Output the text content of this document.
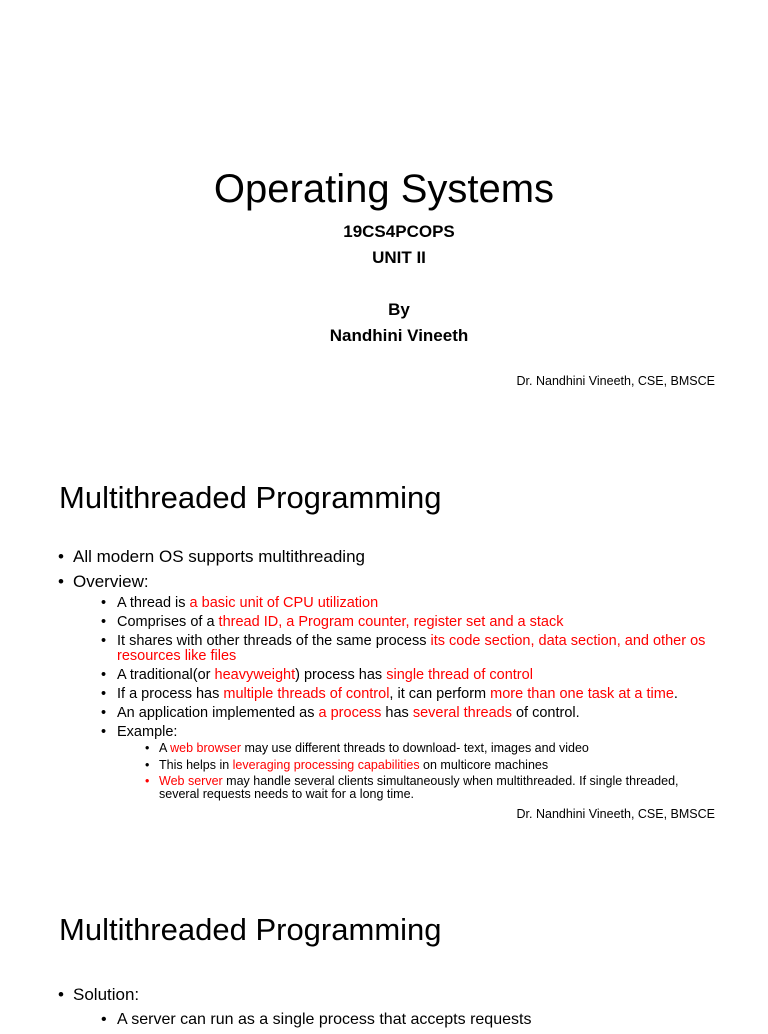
Operating Systems
19CS4PCOPS
UNIT II
By
Nandhini Vineeth
Dr. Nandhini Vineeth, CSE, BMSCE
Multithreaded Programming
• All modern OS supports multithreading
• Overview:
• A thread is a basic unit of CPU utilization
• Comprises of a thread ID, a Program counter, register set and a stack
• It shares with other threads of the same process its code section, data section, and other os resources like files
• A traditional(or heavyweight) process has single thread of control
• If a process has multiple threads of control, it can perform more than one task at a time.
• An application implemented as a process has several threads of control.
• Example:
• A web browser may use different threads to download- text, images and video
• This helps in leveraging processing capabilities on multicore machines
• Web server may handle several clients simultaneously when multithreaded. If single threaded, several requests needs to wait for a long time.
Dr. Nandhini Vineeth, CSE, BMSCE
Multithreaded Programming
• Solution:
• A server can run as a single process that accepts requests
